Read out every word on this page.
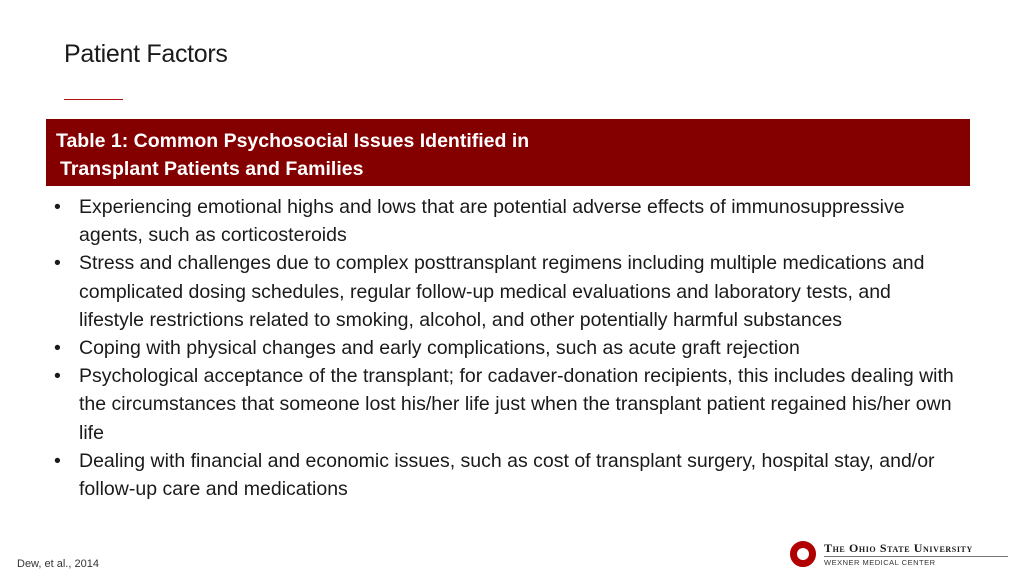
Patient Factors
Table 1: Common Psychosocial Issues Identified in
Transplant Patients and Families
• Experiencing emotional highs and lows that are potential adverse effects of immunosuppressive agents, such as corticosteroids
• Stress and challenges due to complex posttransplant regimens including multiple medications and complicated dosing schedules, regular follow-up medical evaluations and laboratory tests, and lifestyle restrictions related to smoking, alcohol, and other potentially harmful substances
• Coping with physical changes and early complications, such as acute graft rejection
• Psychological acceptance of the transplant; for cadaver-donation recipients, this includes dealing with the circumstances that someone lost his/her life just when the transplant patient regained his/her own life
• Dealing with financial and economic issues, such as cost of transplant surgery, hospital stay, and/or follow-up care and medications
Dew, et al., 2014
The Ohio State University
WEXNER MEDICAL CENTER
